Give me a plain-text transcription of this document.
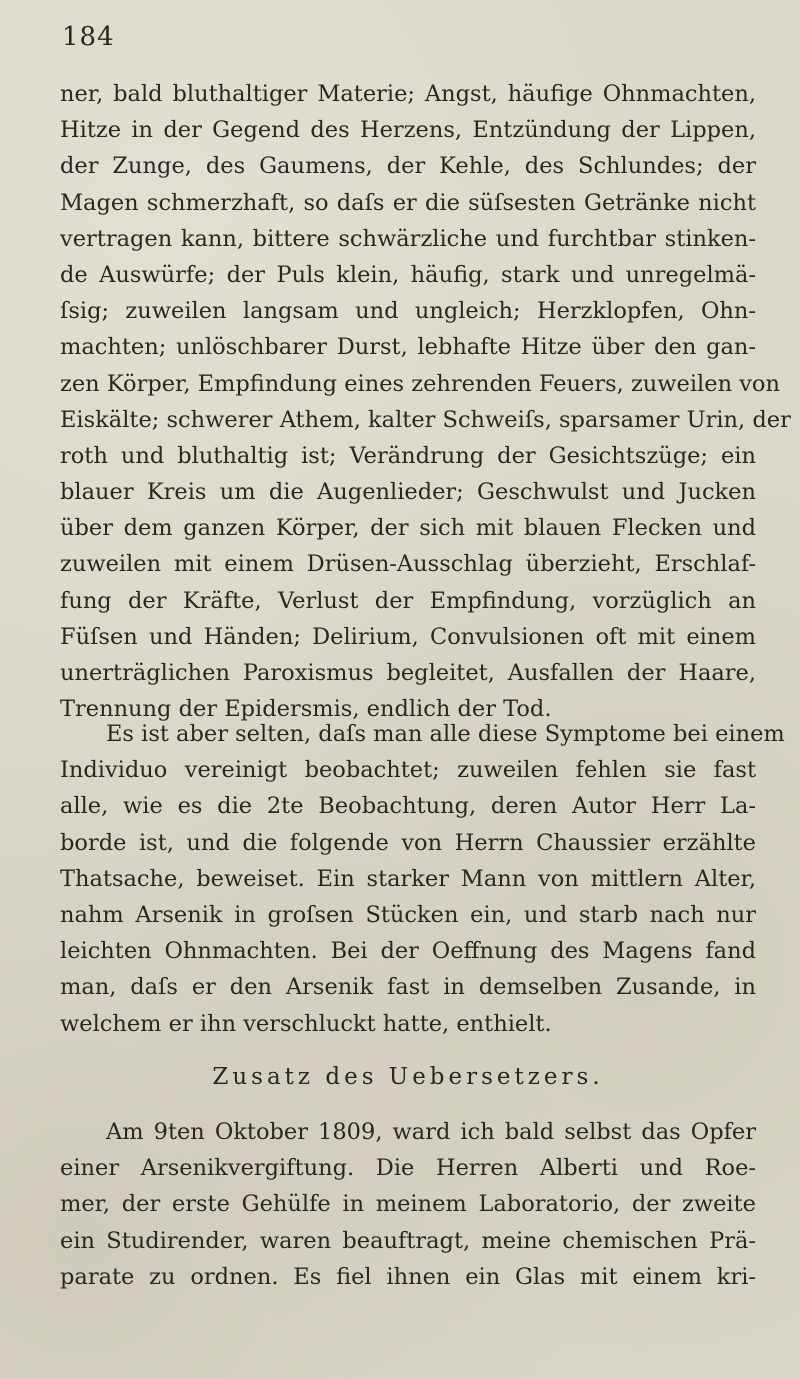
184
ner, bald bluthaltiger Materie; Angst, häufige Ohnmachten,
Hitze in der Gegend des Herzens, Entzündung der Lippen,
der Zunge, des Gaumens, der Kehle, des Schlundes; der
Magen schmerzhaft, so daſs er die süſsesten Getränke nicht
vertragen kann, bittere schwärzliche und furchtbar stinken-
de Auswürfe; der Puls klein, häufig, stark und unregelmä-
ſsig; zuweilen langsam und ungleich; Herzklopfen, Ohn-
machten; unlöschbarer Durst, lebhafte Hitze über den gan-
zen Körper, Empfindung eines zehrenden Feuers, zuweilen von
Eiskälte; schwerer Athem, kalter Schweiſs, sparsamer Urin, der
roth und bluthaltig ist; Verändrung der Gesichtszüge; ein
blauer Kreis um die Augenlieder; Geschwulst und Jucken
über dem ganzen Körper, der sich mit blauen Flecken und
zuweilen mit einem Drüsen-Ausschlag überzieht, Erschlaf-
fung der Kräfte, Verlust der Empfindung, vorzüglich an
Füſsen und Händen; Delirium, Convulsionen oft mit einem
unerträglichen Paroxismus begleitet, Ausfallen der Haare,
Trennung der Epidersmis, endlich der Tod.
Es ist aber selten, daſs man alle diese Symptome bei einem
Individuo vereinigt beobachtet; zuweilen fehlen sie fast
alle, wie es die 2te Beobachtung, deren Autor Herr La-
borde ist, und die folgende von Herrn Chaussier erzählte
Thatsache, beweiset. Ein starker Mann von mittlern Alter,
nahm Arsenik in groſsen Stücken ein, und starb nach nur
leichten Ohnmachten. Bei der Oeffnung des Magens fand
man, daſs er den Arsenik fast in demselben Zusande, in
welchem er ihn verschluckt hatte, enthielt.
Zusatz des Uebersetzers.
Am 9ten Oktober 1809, ward ich bald selbst das Opfer
einer Arsenikvergiftung. Die Herren Alberti und Roe-
mer, der erste Gehülfe in meinem Laboratorio, der zweite
ein Studirender, waren beauftragt, meine chemischen Prä-
parate zu ordnen. Es fiel ihnen ein Glas mit einem kri-
